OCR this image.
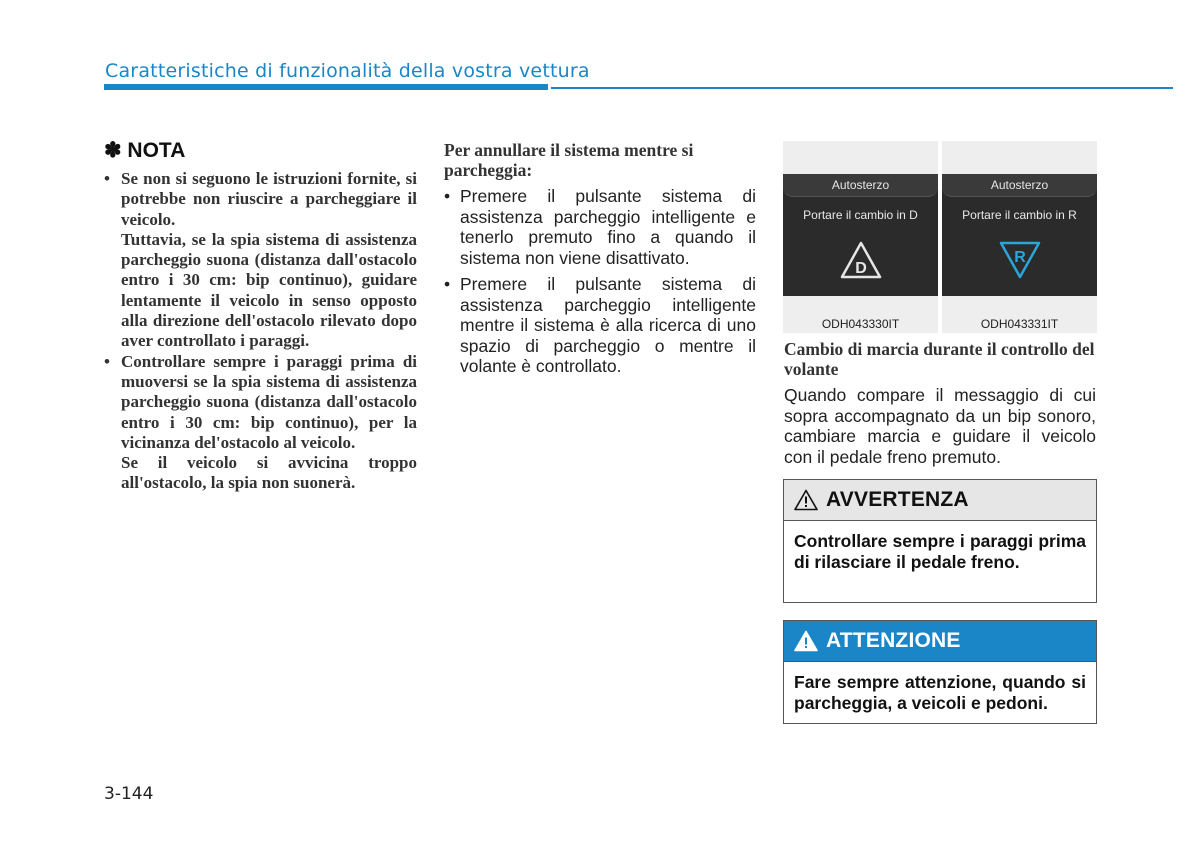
Caratteristiche di funzionalità della vostra vettura
✽ NOTA
• Se non si seguono le istruzioni fornite, si potrebbe non riuscire a parcheggiare il veicolo.

Tuttavia, se la spia sistema di assistenza parcheggio suona (distanza dall'ostacolo entro i 30 cm: bip continuo), guidare lentamente il veicolo in senso opposto alla direzione dell'ostacolo rilevato dopo aver controllato i paraggi.

• Controllare sempre i paraggi prima di muoversi se la spia sistema di assistenza parcheggio suona (distanza dall'ostacolo entro i 30 cm: bip continuo), per la vicinanza del'ostacolo al veicolo.

Se il veicolo si avvicina troppo all'ostacolo, la spia non suonerà.

Per annullare il sistema mentre si parcheggia:
• Premere il pulsante sistema di assistenza parcheggio intelligente e tenerlo premuto fino a quando il sistema non viene disattivato.
• Premere il pulsante sistema di assistenza parcheggio intelligente mentre il sistema è alla ricerca di uno spazio di parcheggio o mentre il volante è controllato.
Autosterzo
Portare il cambio in D
D
ODH043330IT
Autosterzo
Portare il cambio in R
R
ODH043331IT
Cambio di marcia durante il controllo del volante

Quando compare il messaggio di cui sopra accompagnato da un bip sonoro, cambiare marcia e guidare il veicolo con il pedale freno premuto.

AVVERTENZA
Controllare sempre i paraggi prima di rilasciare il pedale freno.
ATTENZIONE
Fare sempre attenzione, quando si parcheggia, a veicoli e pedoni.
3-144
